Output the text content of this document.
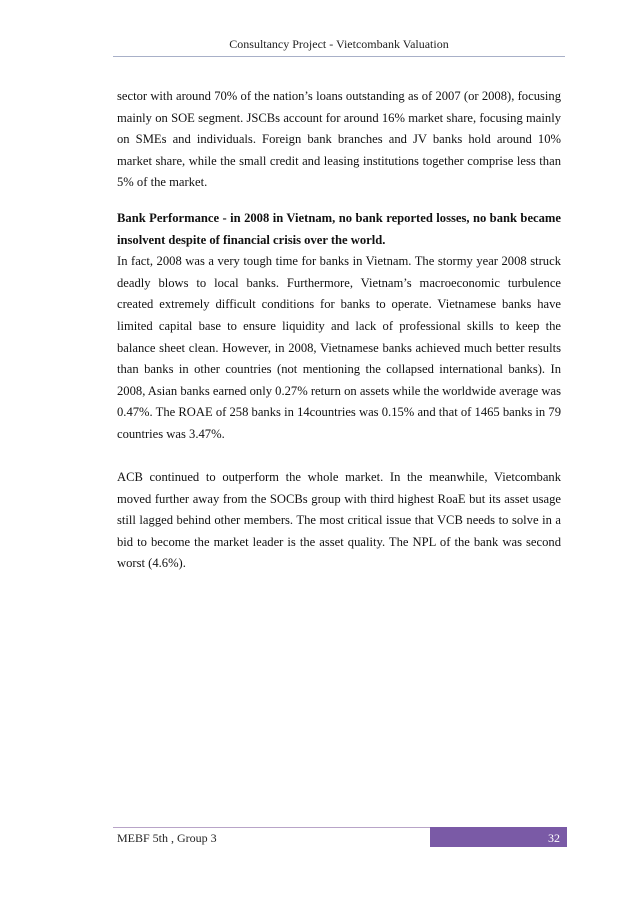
Consultancy Project - Vietcombank Valuation

sector with around 70% of the nation’s loans outstanding as of 2007 (or 2008), focusing mainly on SOE segment. JSCBs account for around 16% market share, focusing mainly on SMEs and individuals. Foreign bank branches and JV banks hold around 10% market share, while the small credit and leasing institutions together comprise less than 5% of the market.

Bank Performance - in 2008 in Vietnam, no bank reported losses, no bank became insolvent despite of financial crisis over the world.

In fact, 2008 was a very tough time for banks in Vietnam. The stormy year 2008 struck deadly blows to local banks. Furthermore, Vietnam’s macroeconomic turbulence created extremely difficult conditions for banks to operate. Vietnamese banks have limited capital base to ensure liquidity and lack of professional skills to keep the balance sheet clean. However, in 2008, Vietnamese banks achieved much better results than banks in other countries (not mentioning the collapsed international banks). In 2008, Asian banks earned only 0.27% return on assets while the worldwide average was 0.47%. The ROAE of 258 banks in 14countries was 0.15% and that of 1465 banks in 79 countries was 3.47%.

ACB continued to outperform the whole market. In the meanwhile, Vietcombank moved further away from the SOCBs group with third highest RoaE but its asset usage still lagged behind other members. The most critical issue that VCB needs to solve in a bid to become the market leader is the asset quality. The NPL of the bank was second worst (4.6%).

MEBF 5th , Group 3	32
